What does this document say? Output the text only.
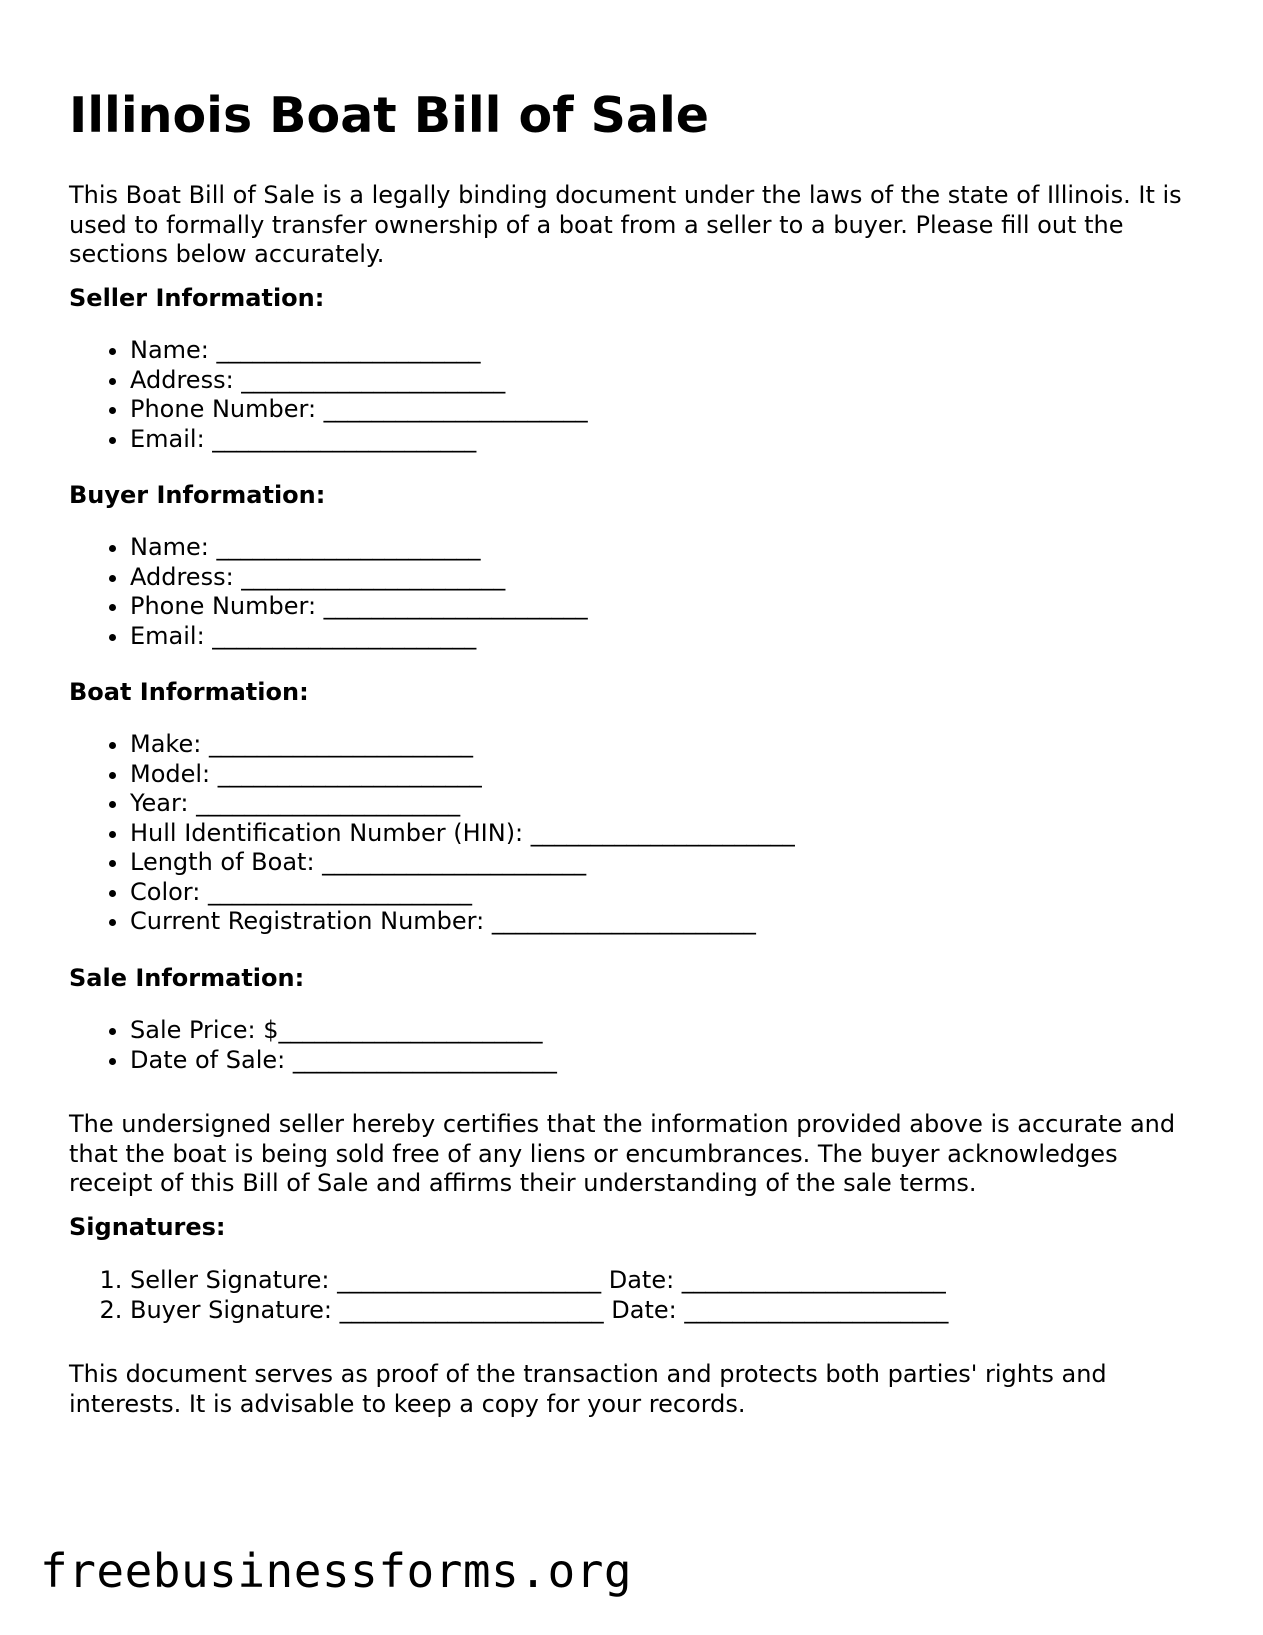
Illinois Boat Bill of Sale

This Boat Bill of Sale is a legally binding document under the laws of the state of Illinois. It is used to formally transfer ownership of a boat from a seller to a buyer. Please fill out the sections below accurately.

Seller Information:
• Name: ______________________
• Address: ______________________
• Phone Number: ______________________
• Email: ______________________
Buyer Information:
• Name: ______________________
• Address: ______________________
• Phone Number: ______________________
• Email: ______________________
Boat Information:
• Make: ______________________
• Model: ______________________
• Year: ______________________
• Hull Identification Number (HIN): ______________________
• Length of Boat: ______________________
• Color: ______________________
• Current Registration Number: ______________________
Sale Information:
• Sale Price: $______________________
• Date of Sale: ______________________

The undersigned seller hereby certifies that the information provided above is accurate and that the boat is being sold free of any liens or encumbrances. The buyer acknowledges receipt of this Bill of Sale and affirms their understanding of the sale terms.

Signatures:
1. Seller Signature: ______________________ Date: ______________________
2. Buyer Signature: ______________________ Date: ______________________

This document serves as proof of the transaction and protects both parties' rights and interests. It is advisable to keep a copy for your records.

freebusinessforms.org
